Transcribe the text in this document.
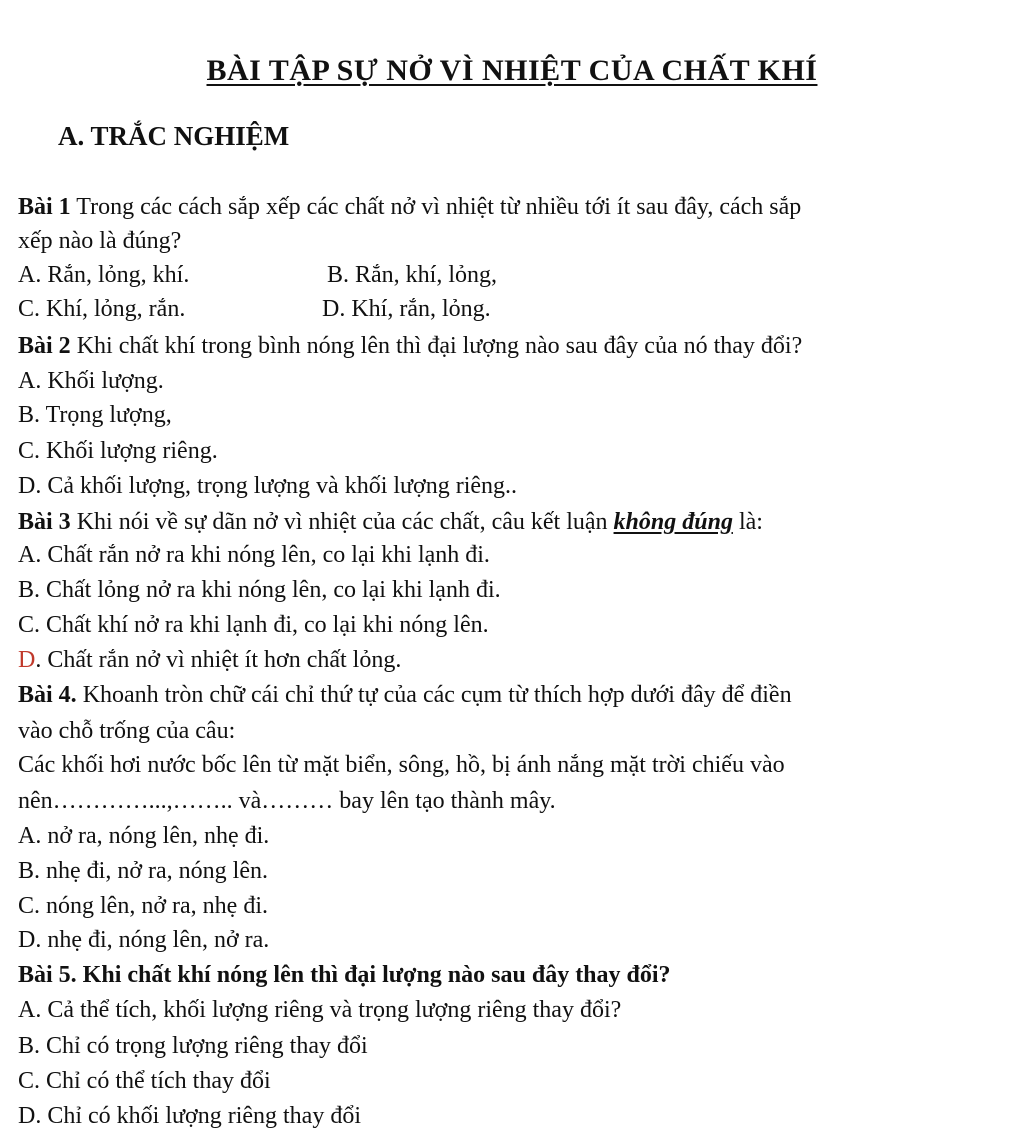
BÀI TẬP SỰ NỞ VÌ NHIỆT CỦA CHẤT KHÍ
A. TRẮC NGHIỆM
Bài 1 Trong các cách sắp xếp các chất nở vì nhiệt từ nhiều tới ít sau đây, cách sắp
xếp nào là đúng?
A. Rắn, lỏng, khí.	B. Rắn, khí, lỏng,
C. Khí, lỏng, rắn.	D. Khí, rắn, lỏng.
Bài 2 Khi chất khí trong bình nóng lên thì đại lượng nào sau đây của nó thay đổi?
A. Khối lượng.
B. Trọng lượng,
C. Khối lượng riêng.
D. Cả khối lượng, trọng lượng và khối lượng riêng..
Bài 3 Khi nói về sự dãn nở vì nhiệt của các chất, câu kết luận không đúng là:
A. Chất rắn nở ra khi nóng lên, co lại khi lạnh đi.
B. Chất lỏng nở ra khi nóng lên, co lại khi lạnh đi.
C. Chất khí nở ra khi lạnh đi, co lại khi nóng lên.
D. Chất rắn nở vì nhiệt ít hơn chất lỏng.
Bài 4. Khoanh tròn chữ cái chỉ thứ tự của các cụm từ thích hợp dưới đây để điền
vào chỗ trống của câu:
Các khối hơi nước bốc lên từ mặt biển, sông, hồ, bị ánh nắng mặt trời chiếu vào
nên…………...,…….. và……… bay lên tạo thành mây.
A. nở ra, nóng lên, nhẹ đi.
B. nhẹ đi, nở ra, nóng lên.
C. nóng lên, nở ra, nhẹ đi.
D. nhẹ đi, nóng lên, nở ra.
Bài 5. Khi chất khí nóng lên thì đại lượng nào sau đây thay đổi?
A. Cả thể tích, khối lượng riêng và trọng lượng riêng thay đổi?
B. Chỉ có trọng lượng riêng thay đổi
C. Chỉ có thể tích thay đổi
D. Chỉ có khối lượng riêng thay đổi
